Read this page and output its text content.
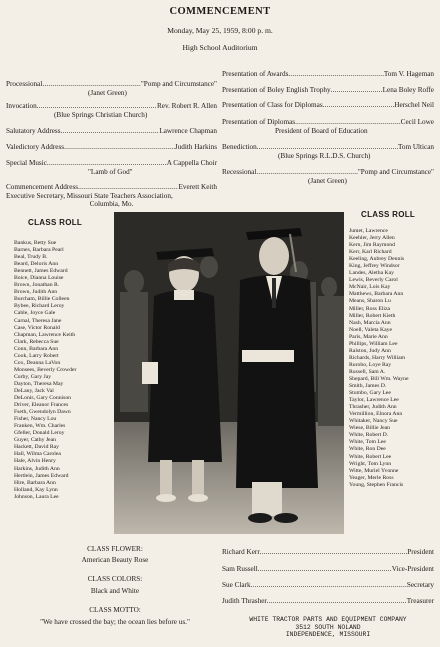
COMMENCEMENT
Monday, May 25, 1959, 8:00 p. m.
High School Auditorium
Processional .....	"Pomp and Circumstance"
(Janet Green)
Invocation .....	Rev. Robert R. Allen
(Blue Springs Christian Church)
Salutatory Address .....	Lawrence Chapman
Valedictory Address .....	Judith Harkins
Special Music .....	A Cappella Choir
"Lamb of God"
Commencement Address .....	Everett Keith
Executive Secretary, Missouri State Teachers Association,
Columbia, Mo.
Presentation of Awards .....	Tom V. Hageman
Presentation of Boley English Trophy .....	Lena Boley Roffe
Presentation of Class for Diplomas .....	Herschel Neil
Presentation of Diplomas .....	Cecil Lowe
President of Board of Education
Benediction .....	Tom Ultican
(Blue Springs R.L.D.S. Church)
Recessional .....	"Pomp and Circumstance"
(Janet Green)
CLASS ROLL
CLASS ROLL
Bankus, Betty Sue
Barnes, Barbara Pearl
Beal, Trudy B.
Beard, Deloris Ann
Bennett, James Edward
Boice, Dianna Louise
Brown, Jonathan R.
Brown, Judith Ann
Burcham, Billie Colleen
Bybee, Richard Leroy
Cable, Joyce Gale
Carnal, Theresa Jane
Case, Victor Ronald
Chapman, Lawrence Keith
Clark, Rebecca Sue
Conn, Barbara Ann
Cook, Larry Robert
Cox, Deanna LaVon
Monsees, Beverly Crowder
Curby, Gary Jay
Dayton, Theresa May
DeLany, Jack Val
DeLonis, Gary Connison
Driver, Eleanor Frances
Fseth, Gwendolyn Dawn
Fisher, Nancy Lou
Franken, Wm. Charles
Gfeller, Donald Leroy
Guyer, Cathy Jean
Hackett, David Ray
Hall, Wilma Carolea
Hale, Alvin Henry
Harkins, Judith Ann
Hertlein, James Edward
Hire, Barbara Ann
Holland, Kay Lynn
Johnson, Laura Lee
Jumet, Lawrence
Keehler, Jerry Allen
Kern, Jim Raymond
Kerr, Karl Richard
Keeling, Aubrey Dennis
King, Jeffrey Windsor
Landes, Aletha Kay
Lewis, Beverly Carol
McNair, Lois Kay
Matthews, Barbara Ann
Means, Sharon Lu
Miller, Ross Eliza
Miller, Robert Kieth
Nash, Marcia Ann
Noell, Valeta Kaye
Paris, Marie Ann
Phillips, William Lee
Ralston, Judy Ann
Richards, Harry William
Rurobo, Loye Ray
Russell, Sam A.
Shepard, Bill Wm. Wayne
Smith, James D.
Stumbo, Gary Lee
Taylor, Lawrence Lee
Thrasher, Judith Ann
Vermillion, Elnora Ann
Whitaker, Nancy Sue
Wiese, Billie Jean
White, Robert D.
White, Tom Lee
White, Ron Dee
White, Robert Lee
Wright, Tom Lynn
Witte, Muriel Yvonne
Yeager, Merle Ross
Young, Stephen Francis
CLASS FLOWER:
American Beauty Rose
CLASS COLORS:
Black and White
CLASS MOTTO:
"We have crossed the bay; the ocean lies before us."
Richard Kerr .....	President
Sam Russell .....	Vice-President
Sue Clark .....	Secretary
Judith Thrasher .....	Treasurer
WHITE TRACTOR PARTS AND EQUIPMENT COMPANY
3512 SOUTH NOLAND
INDEPENDENCE, MISSOURI
